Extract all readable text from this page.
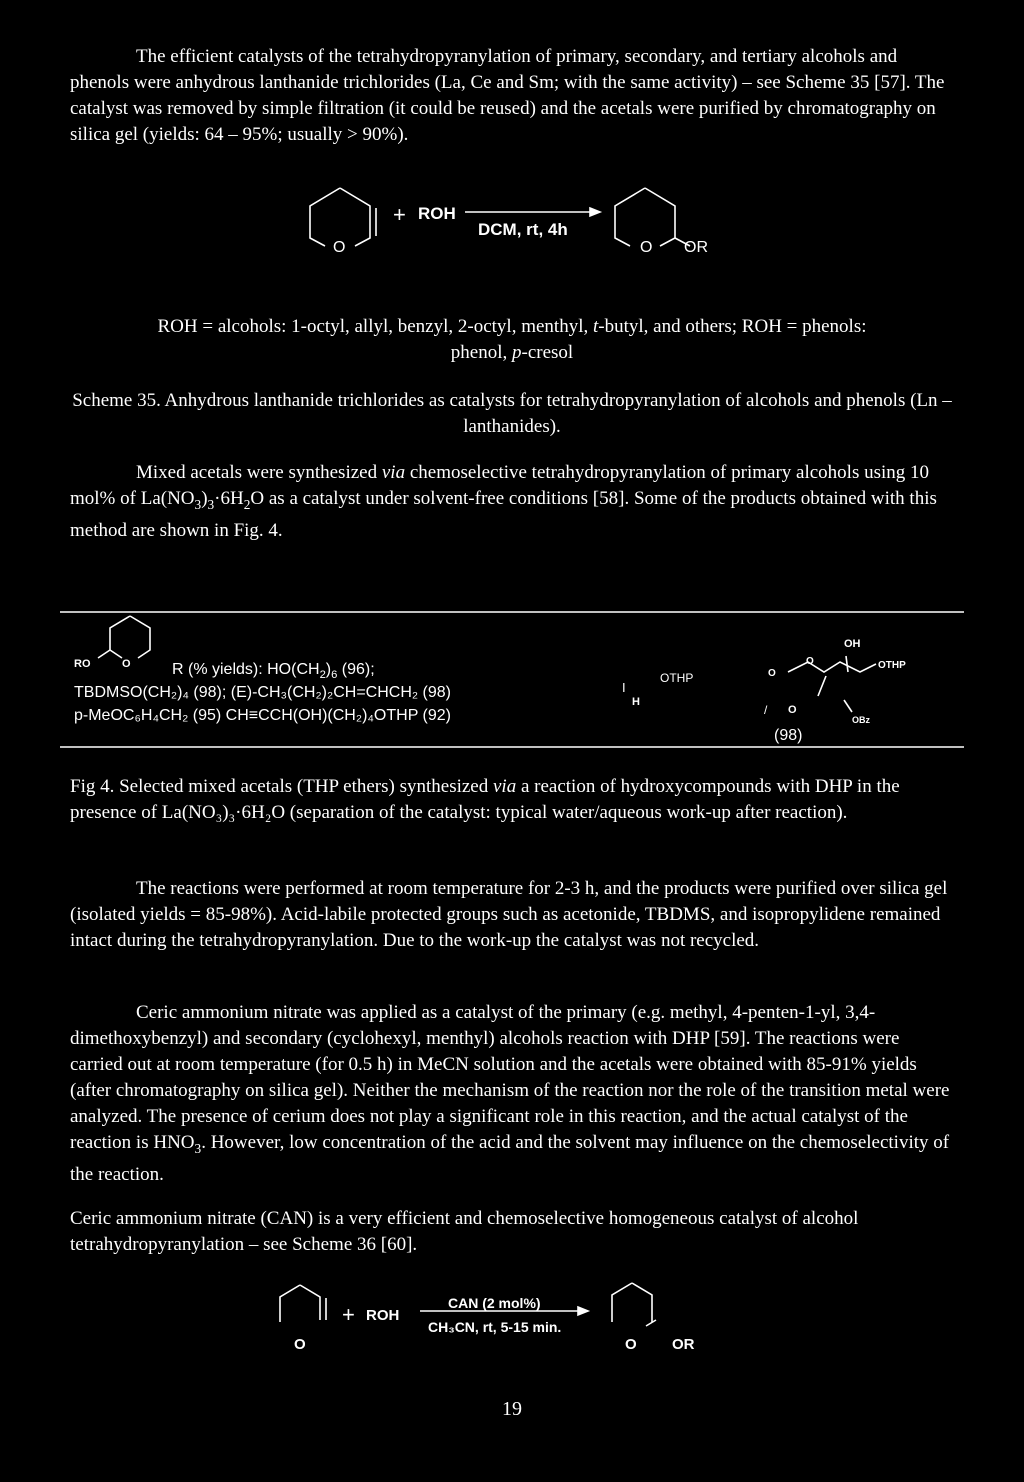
The efficient catalysts of the tetrahydropyranylation of primary, secondary, and tertiary alcohols and phenols were anhydrous lanthanide trichlorides (La, Ce and Sm; with the same activity) – see Scheme 35 [57]. The catalyst was removed by simple filtration (it could be reused) and the acetals were purified by chromatography on silica gel (yields: 64 – 95%; usually > 90%).

O
+ ROH
DCM, rt, 4h
O OR
ROH = alcohols: 1-octyl, allyl, benzyl, 2-octyl, menthyl, t-butyl, and others; ROH = phenols:
phenol, p-cresol
Scheme 35. Anhydrous lanthanide trichlorides as catalysts for tetrahydropyranylation of alcohols and phenols (Ln – lanthanides).

Mixed acetals were synthesized via chemoselective tetrahydropyranylation of primary alcohols using 10 mol% of $La(NO_3)_3\cdot 6H_2O$ as a catalyst under solvent-free conditions [58]. Some of the products obtained with this method are shown in Fig. 4.

RO	O	R (% yields): $HO(CH_2)_6$ (96);
TBDMSO(CH₂)₄ (98); (E)-CH₃(CH₂)₂CH=CHCH₂ (98)
p-MeOC₆H₄CH₂ (95) CH≡CCH(OH)(CH₂)₄OTHP (92)
OTHP
I
H
O
O
OH
OTHP
/ O
OBz
(98)
Fig 4. Selected mixed acetals (THP ethers) synthesized via a reaction of hydroxycompounds with DHP in the presence of La(NO₃)₃·6H₂O (separation of the catalyst: typical water/aqueous work-up after reaction).

The reactions were performed at room temperature for 2-3 h, and the products were purified over silica gel (isolated yields = 85-98%). Acid-labile protected groups such as acetonide, TBDMS, and isopropylidene remained intact during the tetrahydropyranylation. Due to the work-up the catalyst was not recycled.

Ceric ammonium nitrate was applied as a catalyst of the primary (e.g. methyl, 4-penten-1-yl, 3,4-dimethoxybenzyl) and secondary (cyclohexyl, menthyl) alcohols reaction with DHP [59]. The reactions were carried out at room temperature (for 0.5 h) in MeCN solution and the acetals were obtained with 85-91% yields (after chromatography on silica gel). Neither the mechanism of the reaction nor the role of the transition metal were analyzed. The presence of cerium does not play a significant role in this reaction, and the actual catalyst of the reaction is $HNO_3$. However, low concentration of the acid and the solvent may influence on the chemoselectivity of the reaction.

Ceric ammonium nitrate (CAN) is a very efficient and chemoselective homogeneous catalyst of alcohol tetrahydropyranylation – see Scheme 36 [60].

O
+ ROH
CAN (2 mol%)
CH₃CN, rt, 5-15 min.
O OR
19
